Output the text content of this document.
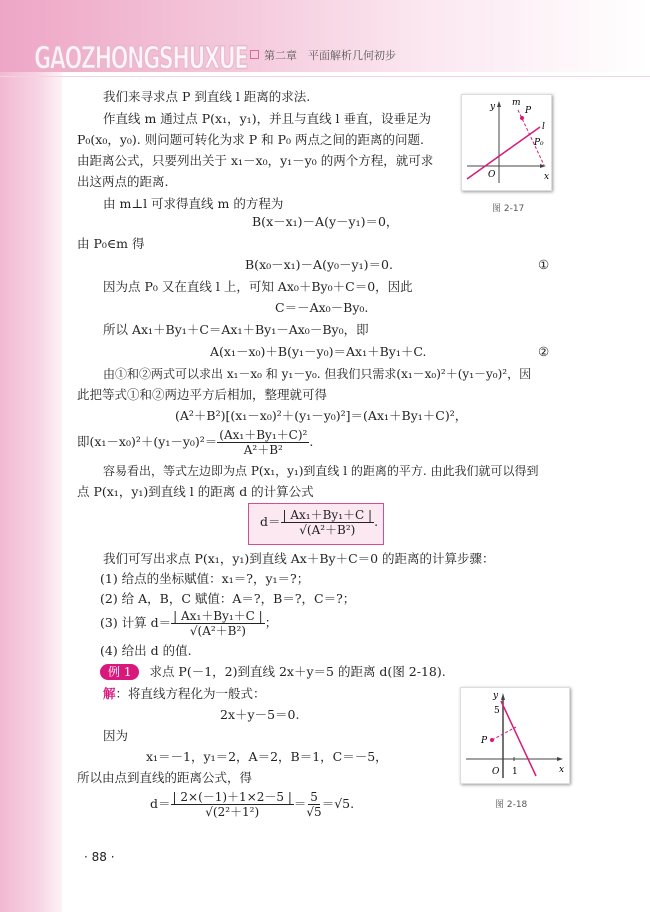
GAOZHONGSHUXUE	第二章　平面解析几何初步
我们来寻求点 P 到直线 l 距离的求法.
作直线 m 通过点 P(x₁，y₁)，并且与直线 l 垂直，设垂足为
P₀(x₀，y₀). 则问题可转化为求 P 和 P₀ 两点之间的距离的问题.
由距离公式，只要列出关于 x₁－x₀，y₁－y₀ 的两个方程，就可求
出这两点的距离.
由 m⊥l 可求得直线 m 的方程为
B(x－x₁)－A(y－y₁)＝0，
由 P₀∈m 得
B(x₀－x₁)－A(y₀－y₁)＝0.	①
因为点 P₀ 又在直线 l 上，可知 Ax₀＋By₀＋C＝0，因此
C＝－Ax₀－By₀.
所以 Ax₁＋By₁＋C＝Ax₁＋By₁－Ax₀－By₀，即
A(x₁－x₀)＋B(y₁－y₀)＝Ax₁＋By₁＋C.	②
由①和②两式可以求出 x₁－x₀ 和 y₁－y₀. 但我们只需求(x₁－x₀)²＋(y₁－y₀)²，因
此把等式①和②两边平方后相加，整理就可得
(A²＋B²)[(x₁－x₀)²＋(y₁－y₀)²]＝(Ax₁＋By₁＋C)²，
即$(x_1-x_0)^2+(y_1-y_0)^2= \frac{\text{(Ax₁＋By₁＋C)²}}{\text{A²＋B²}}$ .
容易看出，等式左边即为点 P(x₁，y₁)到直线 l 的距离的平方. 由此我们就可以得到
点 P(x₁，y₁)到直线 l 的距离 d 的计算公式
$d= \frac{\text{| Ax₁＋By₁＋C |}}{\text{√(A²＋B²)}}$ .
我们可写出求点 P(x₁，y₁)到直线 Ax＋By＋C＝0 的距离的计算步骤：
(1) 给点的坐标赋值：x₁＝?，y₁＝?；
(2) 给 A，B，C 赋值：A＝?，B＝?，C＝?；
(3) 计算 $d= \frac{\text{| Ax₁＋By₁＋C |}}{\text{√(A²＋B²)}}$ ；
(4) 给出 d 的值.
例 1 求点 P(－1，2)到直线 2x＋y＝5 的距离 d(图 2-18).
解：将直线方程化为一般式：
2x＋y－5＝0.
因为
x₁＝－1，y₁＝2，A＝2，B＝1，C＝－5，
所以由点到直线的距离公式，得
$d= \frac{| 2\times(-1)+1\times 2-5 |}{\text{√(2²＋1²)}} = \frac{5}{√5} =√5$.
y
x
O
m
P
l
P₀
图 2-17
y
x
O
5
1
P
图 2-18
· 88 ·
